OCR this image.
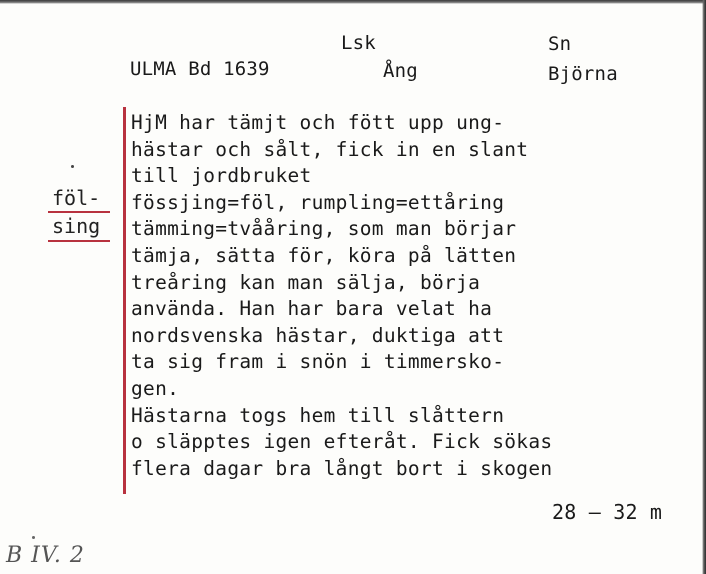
ULMA Bd 1639
Lsk
Ång
Sn
Björna
föl-
sing
HjM har tämjt och fött upp ung-
hästar och sålt, fick in en slant
till jordbruket
fössjing=föl, rumpling=ettåring
tämming=tvååring, som man börjar
tämja, sätta för, köra på lätten
treåring kan man sälja, börja
använda. Han har bara velat ha
nordsvenska hästar, duktiga att
ta sig fram i snön i timmersko-
gen.
Hästarna togs hem till slåttern
o släpptes igen efteråt. Fick sökas
flera dagar bra långt bort i skogen
28 – 32 m
B IV. 2
